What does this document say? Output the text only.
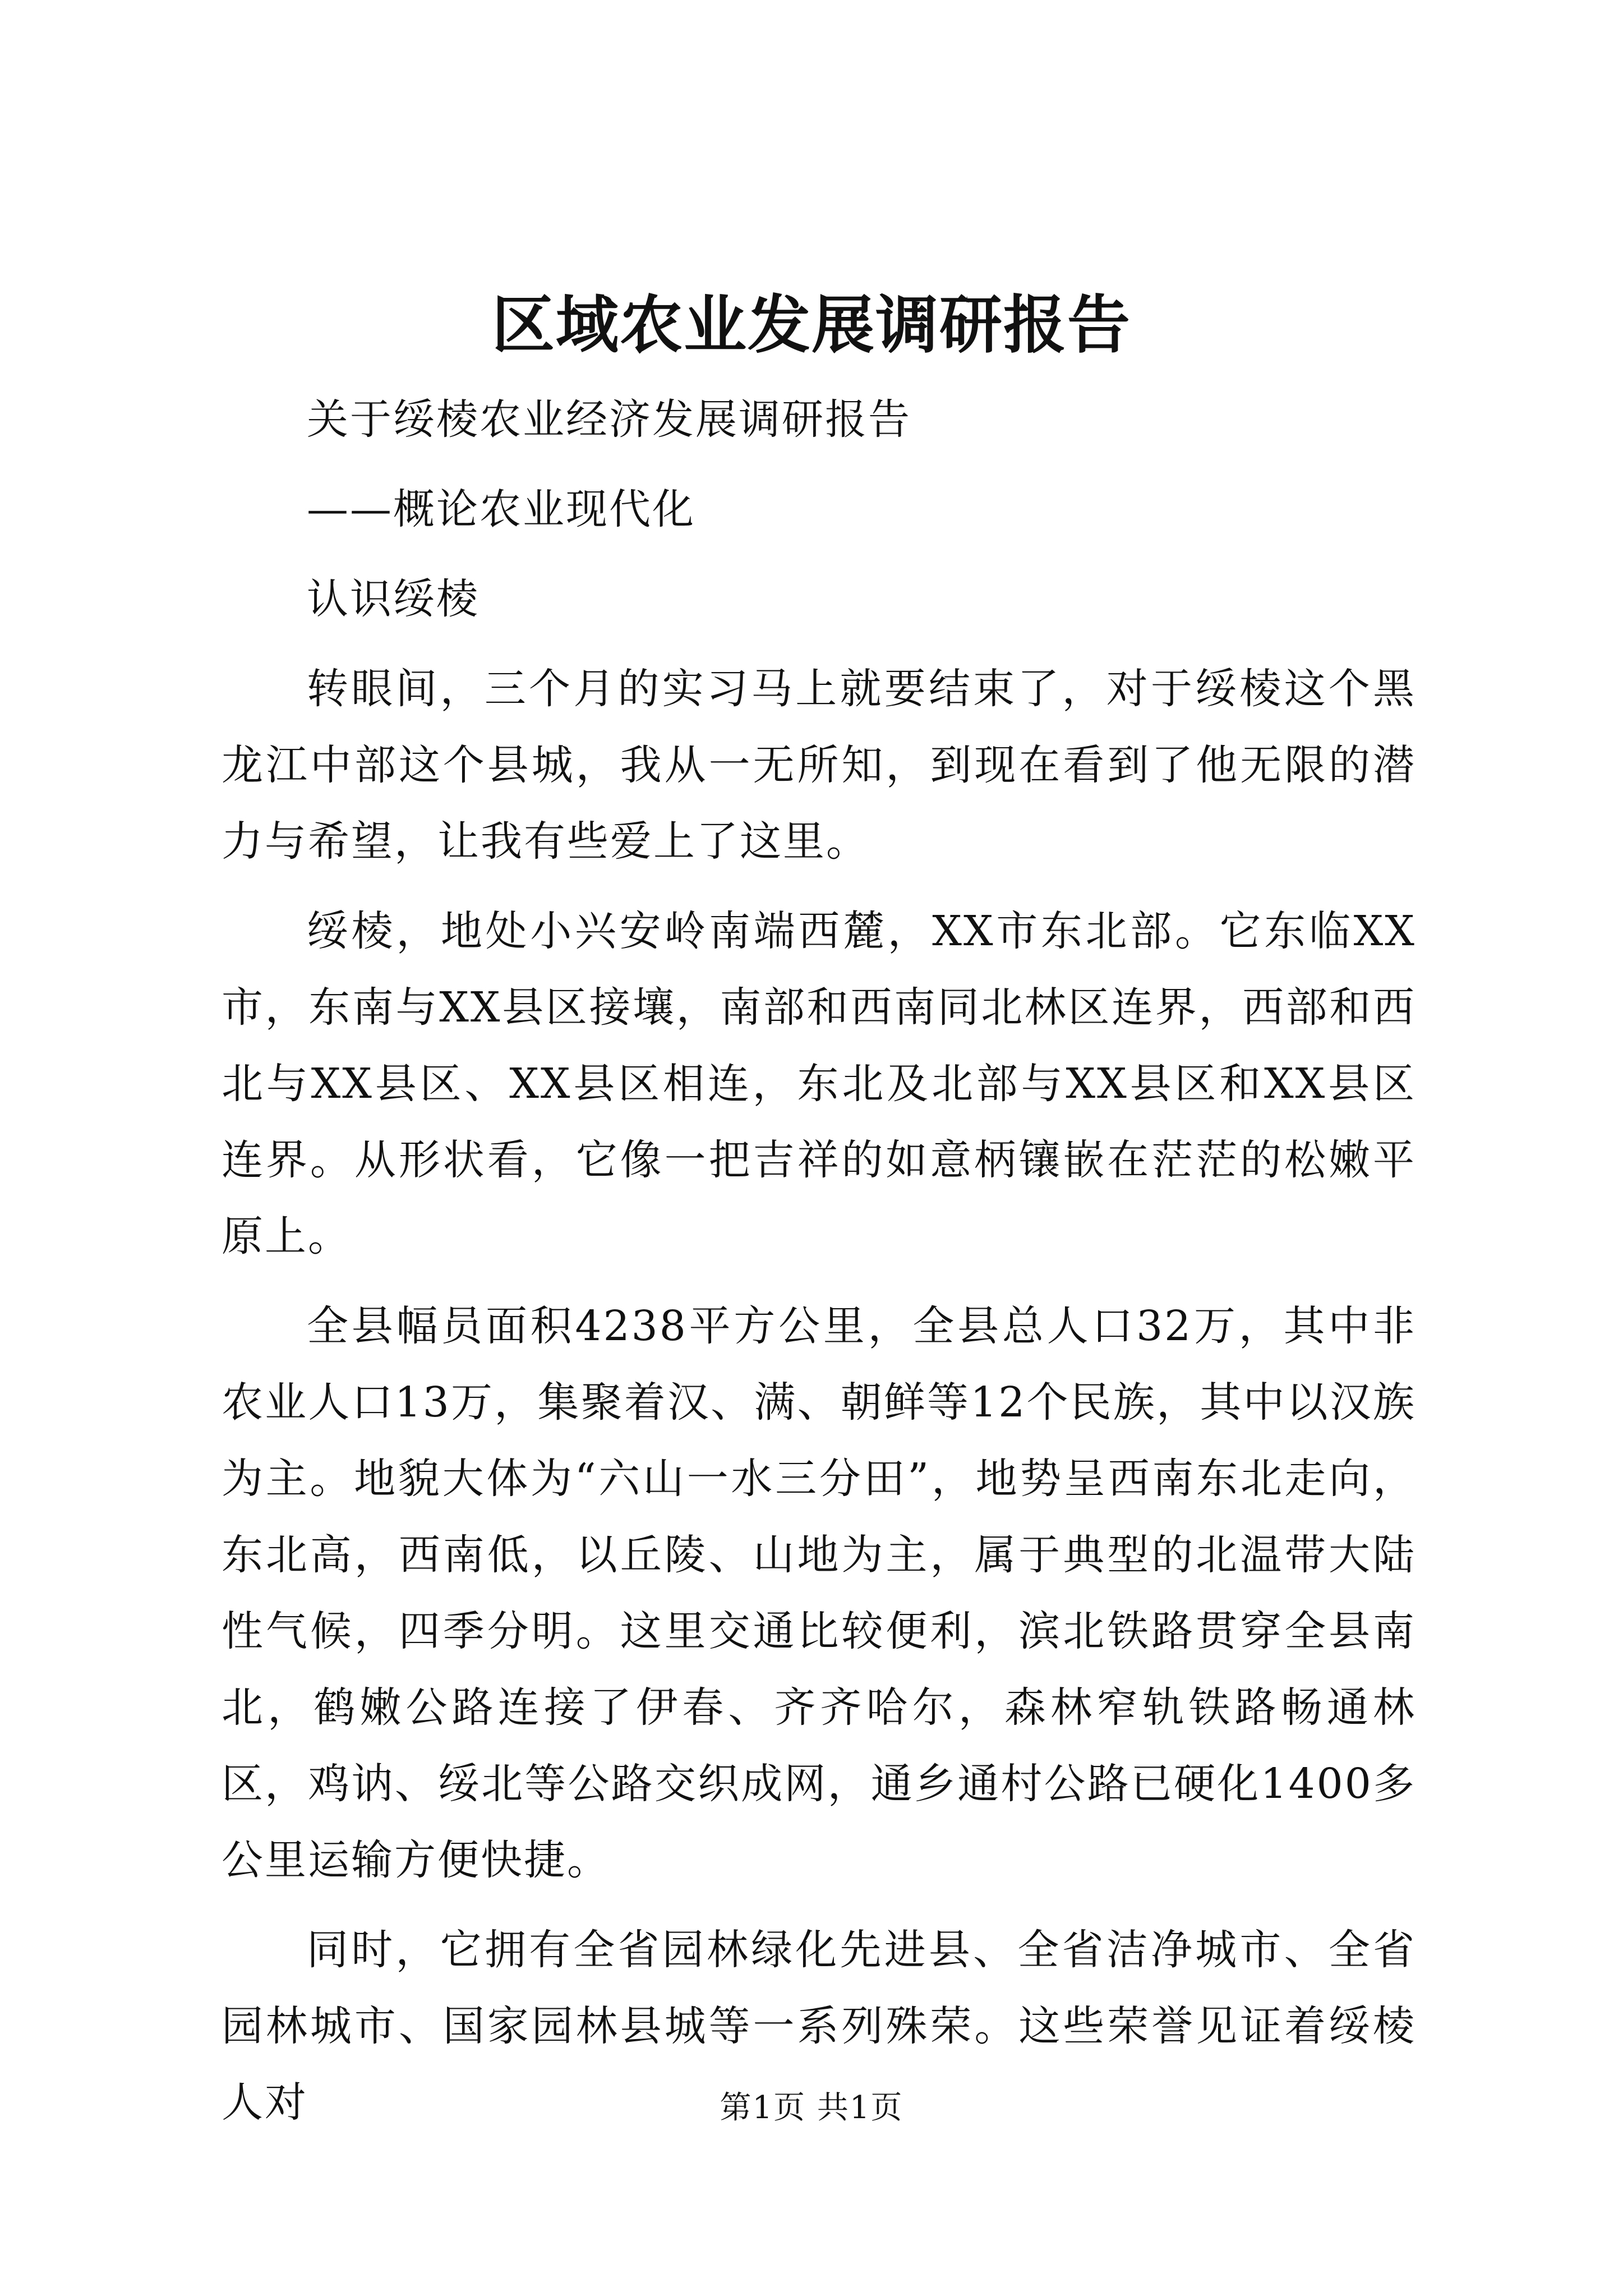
区域农业发展调研报告

关于绥棱农业经济发展调研报告

——概论农业现代化

认识绥棱

转眼间，三个月的实习马上就要结束了，对于绥棱这个黑龙江中部这个县城，我从一无所知，到现在看到了他无限的潜力与希望，让我有些爱上了这里。

绥棱，地处小兴安岭南端西麓，XX市东北部。它东临XX市，东南与XX县区接壤，南部和西南同北林区连界，西部和西北与XX县区、XX县区相连，东北及北部与XX县区和XX县区连界。从形状看，它像一把吉祥的如意柄镶嵌在茫茫的松嫩平原上。

全县幅员面积4238平方公里，全县总人口32万，其中非农业人口13万，集聚着汉、满、朝鲜等12个民族，其中以汉族为主。地貌大体为“六山一水三分田”，地势呈西南东北走向，东北高，西南低，以丘陵、山地为主，属于典型的北温带大陆性气候，四季分明。这里交通比较便利，滨北铁路贯穿全县南北，鹤嫩公路连接了伊春、齐齐哈尔，森林窄轨铁路畅通林区，鸡讷、绥北等公路交织成网，通乡通村公路已硬化1400多公里运输方便快捷。

同时，它拥有全省园林绿化先进县、全省洁净城市、全省园林城市、国家园林县城等一系列殊荣。这些荣誉见证着绥棱人对	第1页 共1页
